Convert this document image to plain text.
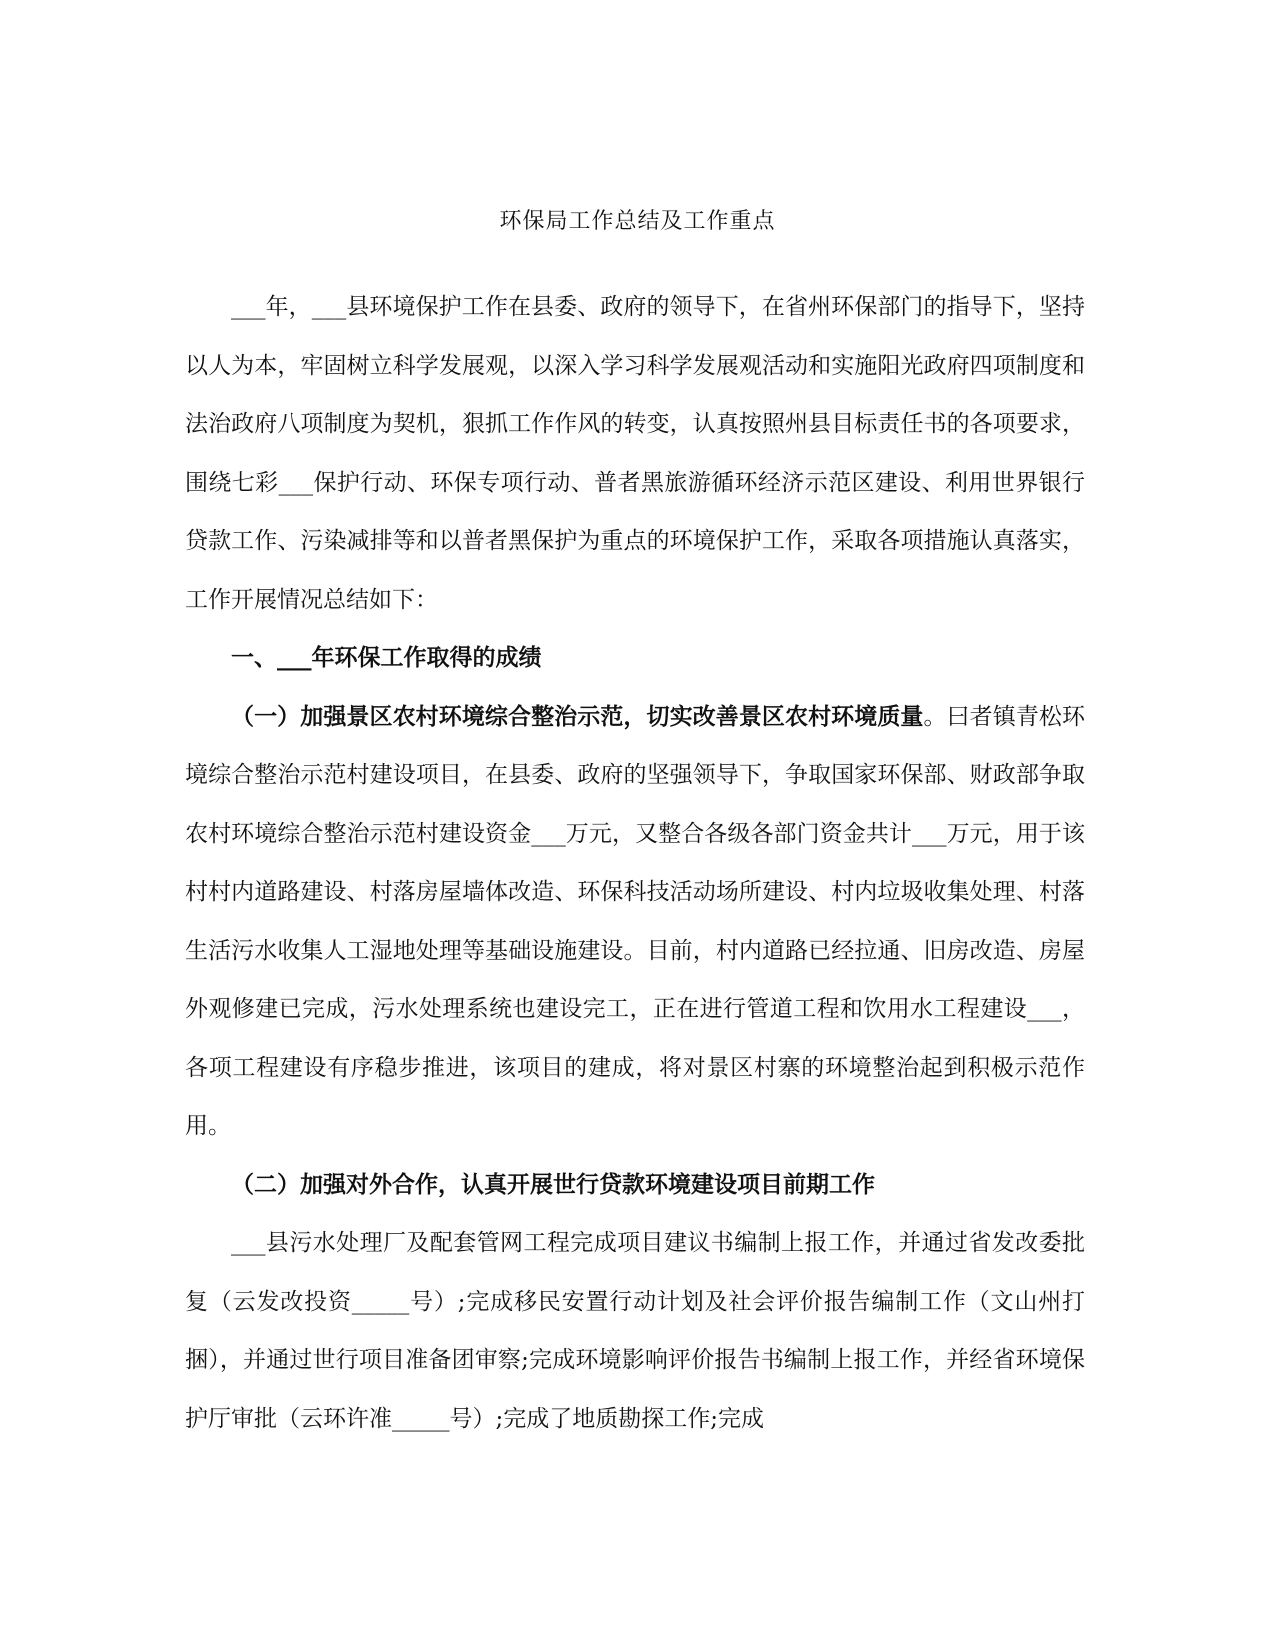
环保局工作总结及工作重点

___年，___县环境保护工作在县委、政府的领导下，在省州环保部门的指导下，坚持以人为本，牢固树立科学发展观，以深入学习科学发展观活动和实施阳光政府四项制度和法治政府八项制度为契机，狠抓工作作风的转变，认真按照州县目标责任书的各项要求，围绕七彩___保护行动、环保专项行动、普者黑旅游循环经济示范区建设、利用世界银行贷款工作、污染减排等和以普者黑保护为重点的环境保护工作，采取各项措施认真落实，工作开展情况总结如下：

一、___年环保工作取得的成绩

（一）加强景区农村环境综合整治示范，切实改善景区农村环境质量。曰者镇青松环境综合整治示范村建设项目，在县委、政府的坚强领导下，争取国家环保部、财政部争取农村环境综合整治示范村建设资金___万元，又整合各级各部门资金共计___万元，用于该村村内道路建设、村落房屋墙体改造、环保科技活动场所建设、村内垃圾收集处理、村落生活污水收集人工湿地处理等基础设施建设。目前，村内道路已经拉通、旧房改造、房屋外观修建已完成，污水处理系统也建设完工，正在进行管道工程和饮用水工程建设___，各项工程建设有序稳步推进，该项目的建成，将对景区村寨的环境整治起到积极示范作用。

（二）加强对外合作，认真开展世行贷款环境建设项目前期工作

___县污水处理厂及配套管网工程完成项目建议书编制上报工作，并通过省发改委批复（云发改投资_____号）;完成移民安置行动计划及社会评价报告编制工作（文山州打捆），并通过世行项目准备团审察;完成环境影响评价报告书编制上报工作，并经省环境保护厅审批（云环许准_____号）;完成了地质勘探工作;完成
